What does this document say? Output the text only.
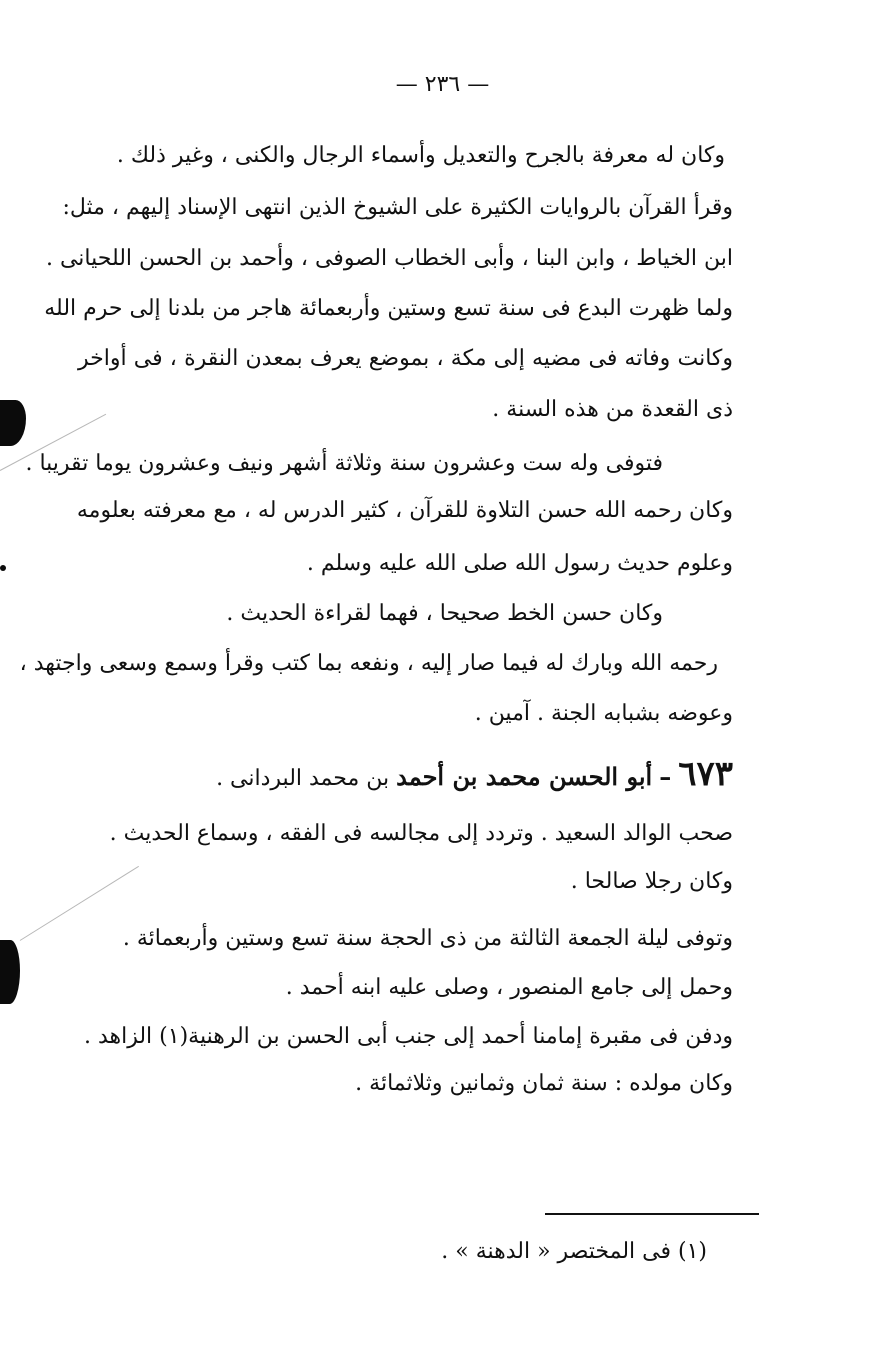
— ٢٣٦ —
وكان له معرفة بالجرح والتعديل وأسماء الرجال والكنى ، وغير ذلك .
وقرأ القرآن بالروايات الكثيرة على الشيوخ الذين انتهى الإسناد إليهم ، مثل:
ابن الخياط ، وابن البنا ، وأبى الخطاب الصوفى ، وأحمد بن الحسن اللحيانى .
ولما ظهرت البدع فى سنة تسع وستين وأربعمائة هاجر من بلدنا إلى حرم الله
وكانت وفاته فى مضيه إلى مكة ، بموضع يعرف بمعدن النقرة ، فى أواخر
ذى القعدة من هذه السنة .
فتوفى وله ست وعشرون سنة وثلاثة أشهر ونيف وعشرون يوما تقريبا .
وكان رحمه الله حسن التلاوة للقرآن ، كثير الدرس له ، مع معرفته بعلومه
وعلوم حديث رسول الله صلى الله عليه وسلم .
وكان حسن الخط صحيحا ، فهما لقراءة الحديث .
رحمه الله وبارك له فيما صار إليه ، ونفعه بما كتب وقرأ وسمع وسعى واجتهد ،
وعوضه بشبابه الجنة . آمين .
٦٧٣ – أبو الحسن محمد بن أحمد بن محمد البردانى .
صحب الوالد السعيد . وتردد إلى مجالسه فى الفقه ، وسماع الحديث .
وكان رجلا صالحا .
وتوفى ليلة الجمعة الثالثة من ذى الحجة سنة تسع وستين وأربعمائة .
وحمل إلى جامع المنصور ، وصلى عليه ابنه أحمد .
ودفن فى مقبرة إمامنا أحمد إلى جنب أبى الحسن بن الرهنية(١) الزاهد .
وكان مولده : سنة ثمان وثمانين وثلاثمائة .
(١) فى المختصر « الدهنة » .
